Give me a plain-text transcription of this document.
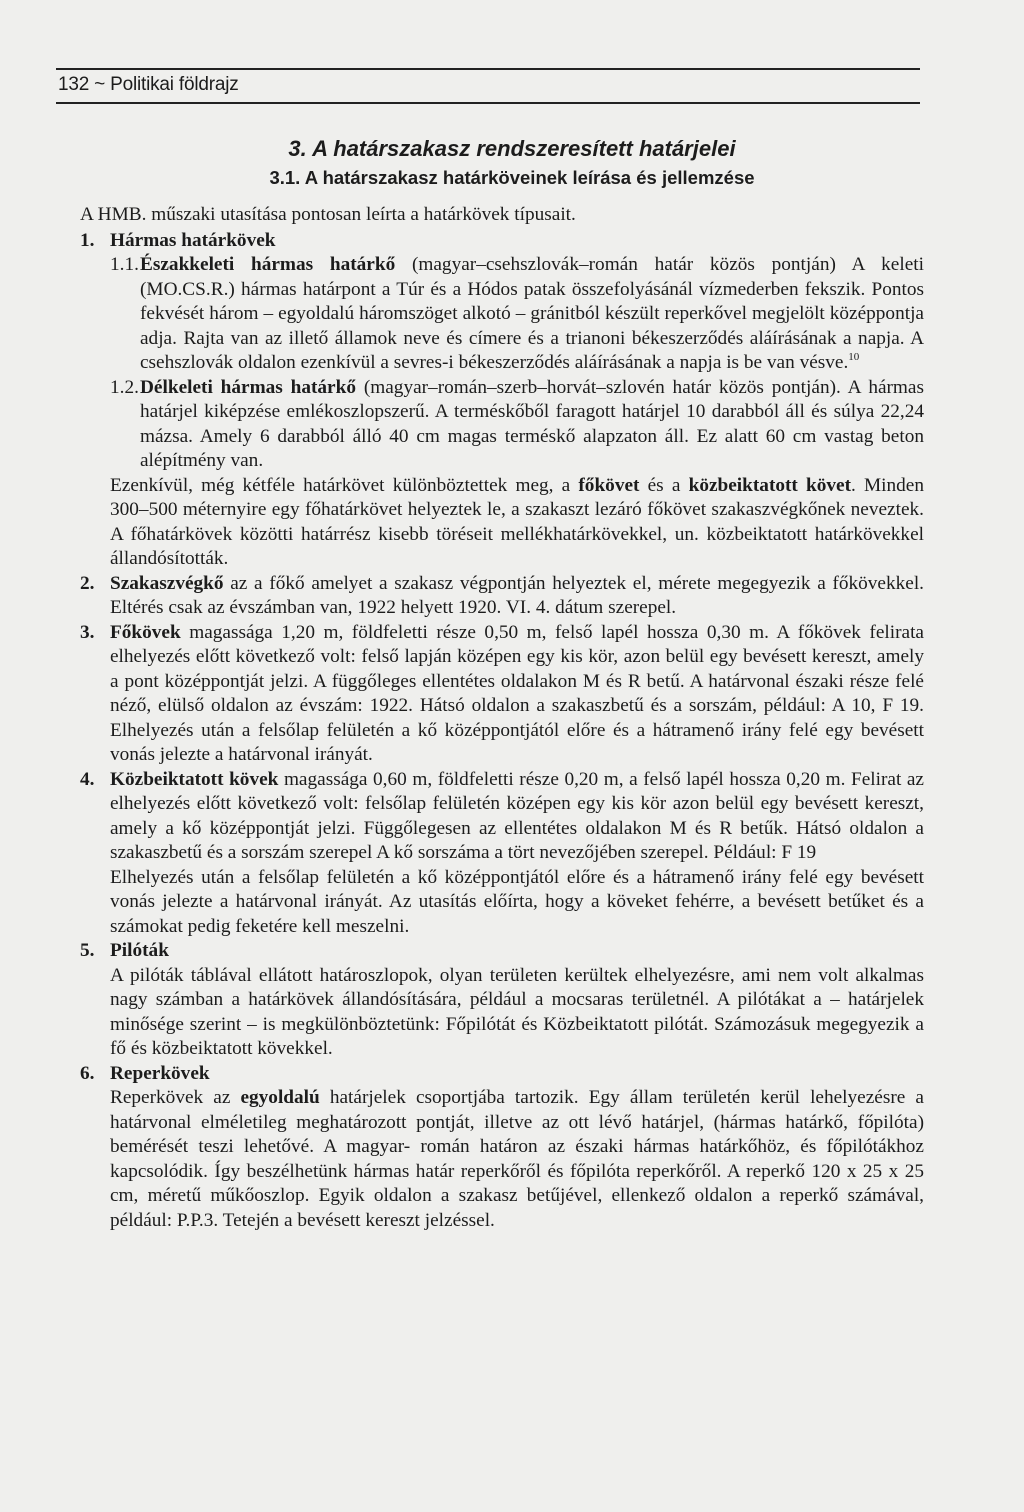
132 ~ Politikai földrajz
3. A határszakasz rendszeresített határjelei
3.1. A határszakasz határköveinek leírása és jellemzése

A HMB. műszaki utasítása pontosan leírta a határkövek típusait.

1. Hármas határkövek

1.1. Északkeleti hármas határkő (magyar–csehszlovák–román határ közös pontján) A keleti (MO.CS.R.) hármas határpont a Túr és a Hódos patak összefolyásánál vízmederben fekszik. Pontos fekvését három – egyoldalú háromszöget alkotó – gránitból készült reperkővel megjelölt középpontja adja. Rajta van az illető államok neve és címere és a trianoni békeszerződés aláírásának a napja. A csehszlovák oldalon ezenkívül a sevres-i békeszerződés aláírásának a napja is be van vésve.$^{10}$

1.2. Délkeleti hármas határkő (magyar–román–szerb–horvát–szlovén határ közös pontján). A hármas határjel kiképzése emlékoszlopszerű. A terméskőből faragott határjel 10 darabból áll és súlya 22,24 mázsa. Amely 6 darabból álló 40 cm magas terméskő alapzaton áll. Ez alatt 60 cm vastag beton alépítmény van.

Ezenkívül, még kétféle határkövet különböztettek meg, a főkövet és a közbeiktatott követ. Minden 300–500 méternyire egy főhatárkövet helyeztek le, a szakaszt lezáró főkövet szakaszvégkőnek neveztek. A főhatárkövek közötti határrész kisebb töréseit mellékhatárkövekkel, un. közbeiktatott határkövekkel állandósították.

2. Szakaszvégkő az a főkő amelyet a szakasz végpontján helyeztek el, mérete megegyezik a főkövekkel. Eltérés csak az évszámban van, 1922 helyett 1920. VI. 4. dátum szerepel.

3. Főkövek magassága 1,20 m, földfeletti része 0,50 m, felső lapél hossza 0,30 m. A főkövek felirata elhelyezés előtt következő volt: felső lapján középen egy kis kör, azon belül egy bevésett kereszt, amely a pont középpontját jelzi. A függőleges ellentétes oldalakon M és R betű. A határvonal északi része felé néző, elülső oldalon az évszám: 1922. Hátsó oldalon a szakaszbetű és a sorszám, például: A 10, F 19. Elhelyezés után a felsőlap felületén a kő középpontjától előre és a hátramenő irány felé egy bevésett vonás jelezte a határvonal irányát.

4. Közbeiktatott kövek magassága 0,60 m, földfeletti része 0,20 m, a felső lapél hossza 0,20 m. Felirat az elhelyezés előtt következő volt: felsőlap felületén középen egy kis kör azon belül egy bevésett kereszt, amely a kő középpontját jelzi. Függőlegesen az ellentétes oldalakon M és R betűk. Hátsó oldalon a szakaszbetű és a sorszám szerepel A kő sorszáma a tört nevezőjében szerepel. Például: F 19

Elhelyezés után a felsőlap felületén a kő középpontjától előre és a hátramenő irány felé egy bevésett vonás jelezte a határvonal irányát. Az utasítás előírta, hogy a köveket fehérre, a bevésett betűket és a számokat pedig feketére kell meszelni.

5. Pilóták

A pilóták táblával ellátott határoszlopok, olyan területen kerültek elhelyezésre, ami nem volt alkalmas nagy számban a határkövek állandósítására, például a mocsaras területnél. A pilótákat a – határjelek minősége szerint – is megkülönböztetünk: Főpilótát és Közbeiktatott pilótát. Számozásuk megegyezik a fő és közbeiktatott kövekkel.

6. Reperkövek

Reperkövek az egyoldalú határjelek csoportjába tartozik. Egy állam területén kerül lehelyezésre a határvonal elméletileg meghatározott pontját, illetve az ott lévő határjel, (hármas határkő, főpilóta) bemérését teszi lehetővé. A magyar- román határon az északi hármas határkőhöz, és főpilótákhoz kapcsolódik. Így beszélhetünk hármas határ reperkőről és főpilóta reperkőről. A reperkő 120 x 25 x 25 cm, méretű műkőoszlop. Egyik oldalon a szakasz betűjével, ellenkező oldalon a reperkő számával, például: P.P.3. Tetején a bevésett kereszt jelzéssel.
